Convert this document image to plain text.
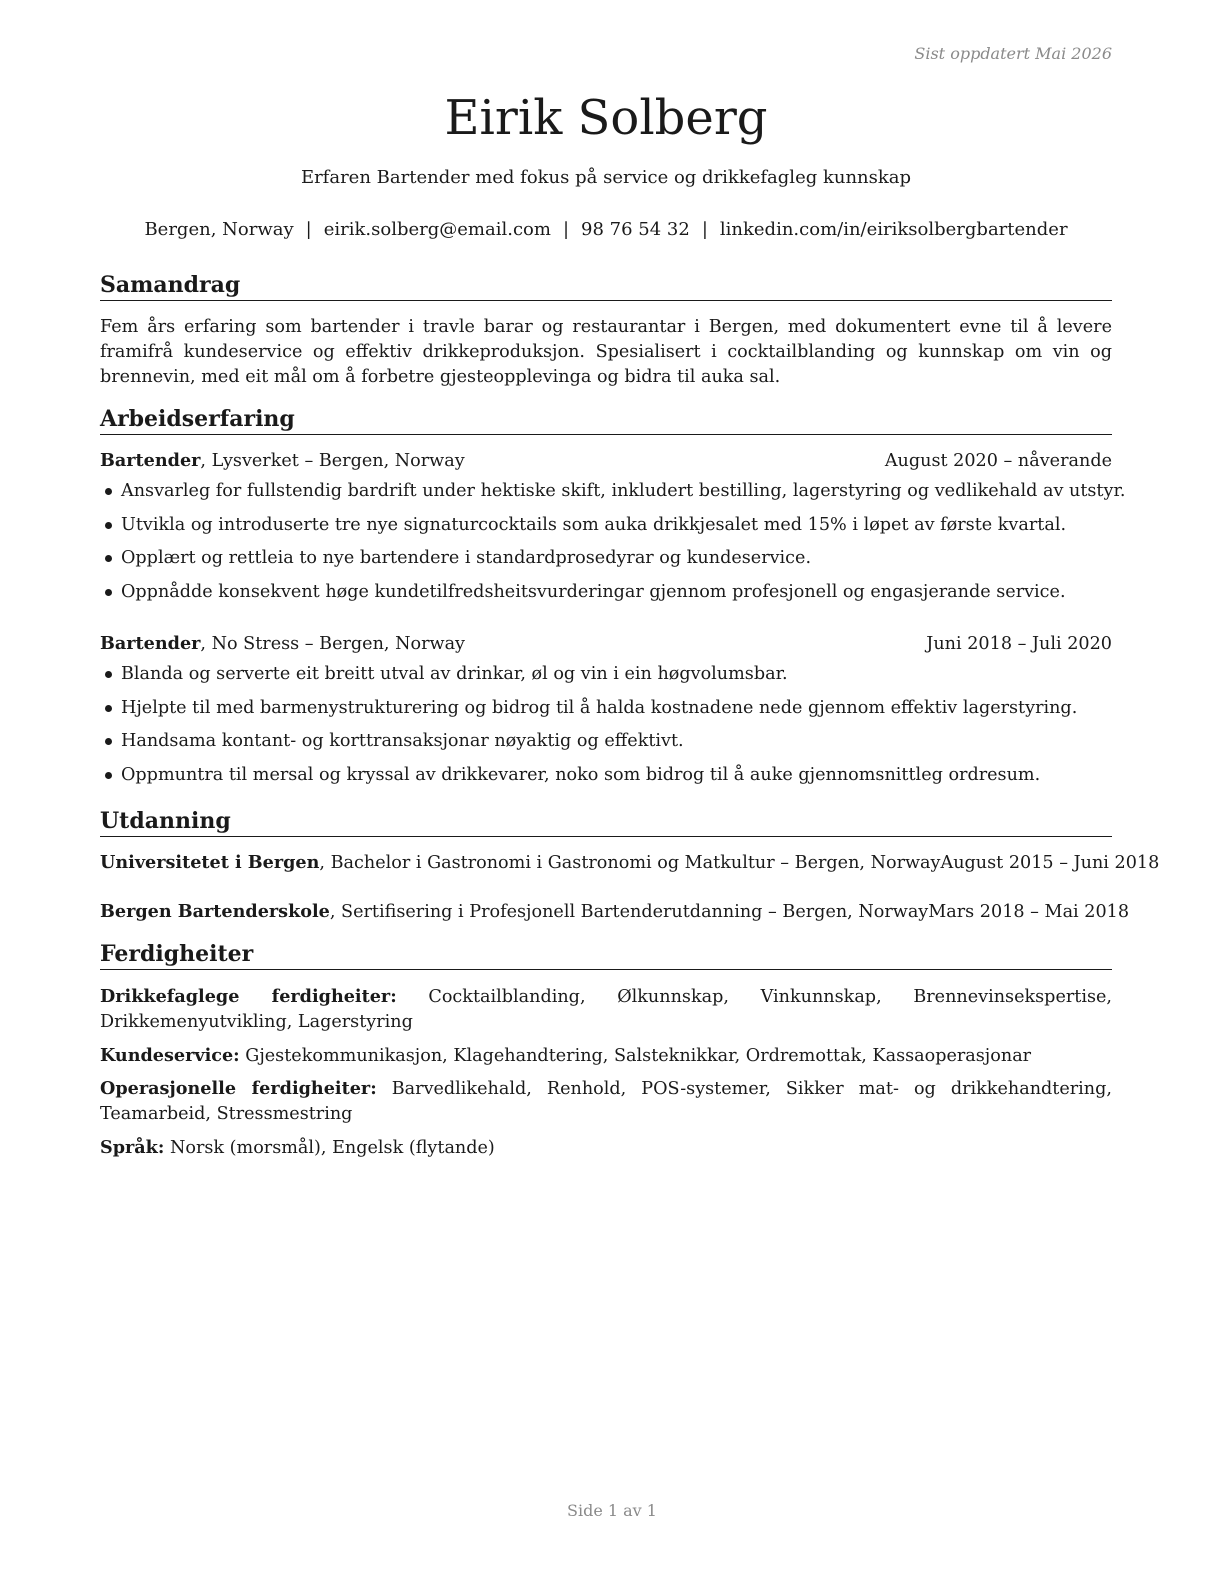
Sist oppdatert Mai 2026
Eirik Solberg

Erfaren Bartender med fokus på service og drikkefagleg kunnskap

Bergen, Norway | eirik.solberg@email.com | 98 76 54 32 | linkedin.com/in/eiriksolbergbartender
Samandrag

Fem års erfaring som bartender i travle barar og restaurantar i Bergen, med dokumentert evne til å levere framifrå kundeservice og effektiv drikkeproduksjon. Spesialisert i cocktailblanding og kunnskap om vin og brennevin, med eit mål om å forbetre gjesteopplevinga og bidra til auka sal.

Arbeidserfaring
Bartender, Lysverket – Bergen, Norway	August 2020 – nåverande
Ansvarleg for fullstendig bardrift under hektiske skift, inkludert bestilling, lagerstyring og vedlikehald av utstyr.
Utvikla og introduserte tre nye signaturcocktails som auka drikkjesalet med 15% i løpet av første kvartal.
Opplært og rettleia to nye bartendere i standardprosedyrar og kundeservice.
Oppnådde konsekvent høge kundetilfredsheitsvurderingar gjennom profesjonell og engasjerande service.
Bartender, No Stress – Bergen, Norway	Juni 2018 – Juli 2020
Blanda og serverte eit breitt utval av drinkar, øl og vin i ein høgvolumsbar.
Hjelpte til med barmenystrukturering og bidrog til å halda kostnadene nede gjennom effektiv lagerstyring.
Handsama kontant- og korttransaksjonar nøyaktig og effektivt.
Oppmuntra til mersal og kryssal av drikkevarer, noko som bidrog til å auke gjennomsnittleg ordresum.
Utdanning
Universitetet i Bergen, Bachelor i Gastronomi i Gastronomi og Matkultur – Bergen, Norway August 2015 – Juni 2018
Bergen Bartenderskole, Sertifisering i Profesjonell Bartenderutdanning – Bergen, Norway Mars 2018 – Mai 2018
Ferdigheiter

Drikkefaglege ferdigheiter: Cocktailblanding, Ølkunnskap, Vinkunnskap, Brennevinsekspertise, Drikkemenyutvikling, Lagerstyring

Kundeservice: Gjestekommunikasjon, Klagehandtering, Salsteknikkar, Ordremottak, Kassaoperasjonar

Operasjonelle ferdigheiter: Barvedlikehald, Renhold, POS-systemer, Sikker mat- og drikkehandtering, Teamarbeid, Stressmestring

Språk: Norsk (morsmål), Engelsk (flytande)

Side 1 av 1
